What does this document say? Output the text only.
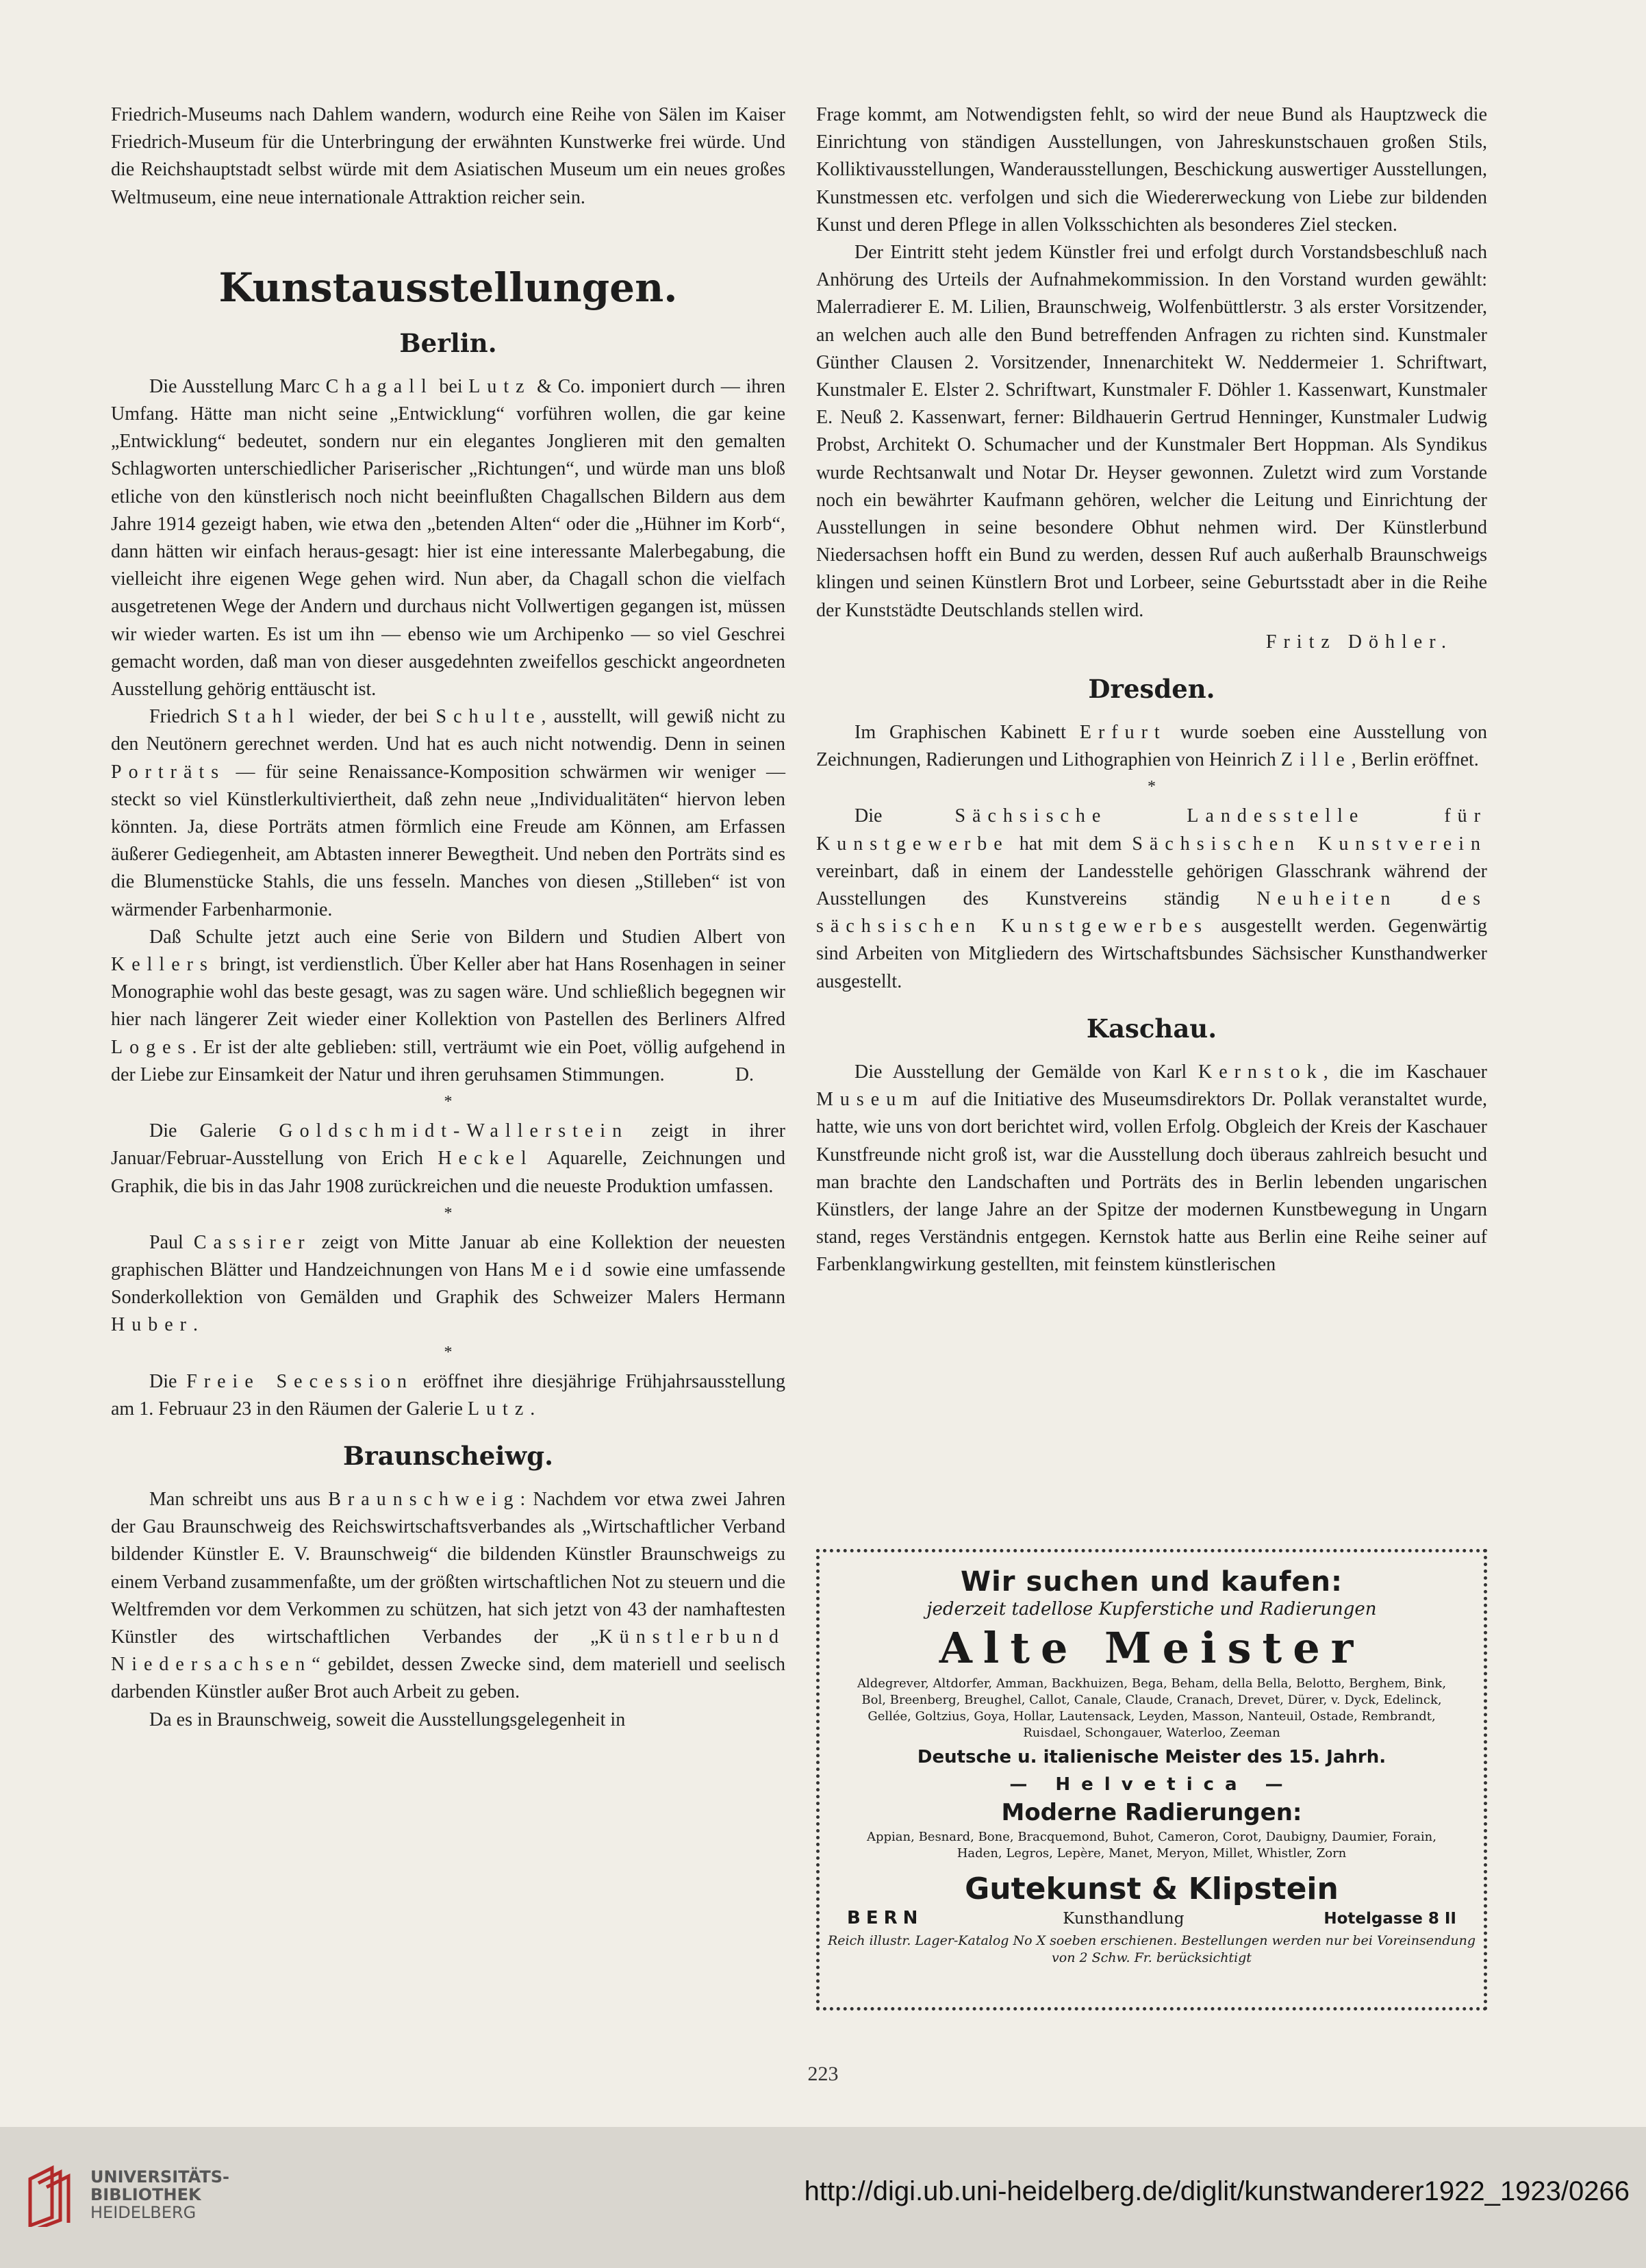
Friedrich-Museums nach Dahlem wandern, wodurch eine Reihe von Sälen im Kaiser Friedrich-Museum für die Unterbringung der erwähnten Kunstwerke frei würde. Und die Reichshauptstadt selbst würde mit dem Asiatischen Museum um ein neues großes Weltmuseum, eine neue internationale Attraktion reicher sein.

Kunstausstellungen.
Berlin.

Die Ausstellung Marc Chagall bei Lutz & Co. imponiert durch — ihren Umfang. Hätte man nicht seine „Entwicklung“ vorführen wollen, die gar keine „Entwicklung“ bedeutet, sondern nur ein elegantes Jonglieren mit den gemalten Schlagworten unterschiedlicher Pariserischer „Richtungen“, und würde man uns bloß etliche von den künstlerisch noch nicht beeinflußten Chagallschen Bildern aus dem Jahre 1914 gezeigt haben, wie etwa den „betenden Alten“ oder die „Hühner im Korb“, dann hätten wir einfach heraus-gesagt: hier ist eine interessante Malerbegabung, die vielleicht ihre eigenen Wege gehen wird. Nun aber, da Chagall schon die vielfach ausgetretenen Wege der Andern und durchaus nicht Vollwertigen gegangen ist, müssen wir wieder warten. Es ist um ihn — ebenso wie um Archipenko — so viel Geschrei gemacht worden, daß man von dieser ausgedehnten zweifellos geschickt angeordneten Ausstellung gehörig enttäuscht ist.

Friedrich Stahl wieder, der bei Schulte, ausstellt, will gewiß nicht zu den Neutönern gerechnet werden. Und hat es auch nicht notwendig. Denn in seinen Porträts — für seine Renaissance-Komposition schwärmen wir weniger — steckt so viel Künstlerkultiviertheit, daß zehn neue „Individualitäten“ hiervon leben könnten. Ja, diese Porträts atmen förmlich eine Freude am Können, am Erfassen äußerer Gediegenheit, am Abtasten innerer Bewegtheit. Und neben den Porträts sind es die Blumenstücke Stahls, die uns fesseln. Manches von diesen „Stilleben“ ist von wärmender Farbenharmonie.

Daß Schulte jetzt auch eine Serie von Bildern und Studien Albert von Kellers bringt, ist verdienstlich. Über Keller aber hat Hans Rosenhagen in seiner Monographie wohl das beste gesagt, was zu sagen wäre. Und schließlich begegnen wir hier nach längerer Zeit wieder einer Kollektion von Pastellen des Berliners Alfred Loges. Er ist der alte geblieben: still, verträumt wie ein Poet, völlig aufgehend in der Liebe zur Einsamkeit der Natur und ihren geruhsamen Stimmungen.	D.

*

Die Galerie Goldschmidt-Wallerstein zeigt in ihrer Januar/Februar-Ausstellung von Erich Heckel Aquarelle, Zeichnungen und Graphik, die bis in das Jahr 1908 zurückreichen und die neueste Produktion umfassen.

*

Paul Cassirer zeigt von Mitte Januar ab eine Kollektion der neuesten graphischen Blätter und Handzeichnungen von Hans Meid sowie eine umfassende Sonderkollektion von Gemälden und Graphik des Schweizer Malers Hermann Huber.

*

Die Freie Secession eröffnet ihre diesjährige Frühjahrsausstellung am 1. Februaur 23 in den Räumen der Galerie Lutz.

Braunscheiwg.

Man schreibt uns aus Braunschweig: Nachdem vor etwa zwei Jahren der Gau Braunschweig des Reichswirtschaftsverbandes als „Wirtschaftlicher Verband bildender Künstler E. V. Braunschweig“ die bildenden Künstler Braunschweigs zu einem Verband zusammenfaßte, um der größten wirtschaftlichen Not zu steuern und die Weltfremden vor dem Verkommen zu schützen, hat sich jetzt von 43 der namhaftesten Künstler des wirtschaftlichen Verbandes der „Künstlerbund Niedersachsen“ gebildet, dessen Zwecke sind, dem materiell und seelisch darbenden Künstler außer Brot auch Arbeit zu geben.

Da es in Braunschweig, soweit die Ausstellungsgelegenheit in

Frage kommt, am Notwendigsten fehlt, so wird der neue Bund als Hauptzweck die Einrichtung von ständigen Ausstellungen, von Jahreskunstschauen großen Stils, Kolliktivausstellungen, Wanderausstellungen, Beschickung auswertiger Ausstellungen, Kunstmessen etc. verfolgen und sich die Wiedererweckung von Liebe zur bildenden Kunst und deren Pflege in allen Volksschichten als besonderes Ziel stecken.

Der Eintritt steht jedem Künstler frei und erfolgt durch Vorstandsbeschluß nach Anhörung des Urteils der Aufnahmekommission. In den Vorstand wurden gewählt: Malerradierer E. M. Lilien, Braunschweig, Wolfenbüttlerstr. 3 als erster Vorsitzender, an welchen auch alle den Bund betreffenden Anfragen zu richten sind. Kunstmaler Günther Clausen 2. Vorsitzender, Innenarchitekt W. Neddermeier 1. Schriftwart, Kunstmaler E. Elster 2. Schriftwart, Kunstmaler F. Döhler 1. Kassenwart, Kunstmaler E. Neuß 2. Kassenwart, ferner: Bildhauerin Gertrud Henninger, Kunstmaler Ludwig Probst, Architekt O. Schumacher und der Kunstmaler Bert Hoppman. Als Syndikus wurde Rechtsanwalt und Notar Dr. Heyser gewonnen. Zuletzt wird zum Vorstande noch ein bewährter Kaufmann gehören, welcher die Leitung und Einrichtung der Ausstellungen in seine besondere Obhut nehmen wird. Der Künstlerbund Niedersachsen hofft ein Bund zu werden, dessen Ruf auch außerhalb Braunschweigs klingen und seinen Künstlern Brot und Lorbeer, seine Geburtsstadt aber in die Reihe der Kunststädte Deutschlands stellen wird.

Fritz Döhler.
Dresden.

Im Graphischen Kabinett Erfurt wurde soeben eine Ausstellung von Zeichnungen, Radierungen und Lithographien von Heinrich Zille, Berlin eröffnet.

*

Die Sächsische Landesstelle für Kunstgewerbe hat mit dem Sächsischen Kunstverein vereinbart, daß in einem der Landesstelle gehörigen Glasschrank während der Ausstellungen des Kunstvereins ständig Neuheiten des sächsischen Kunstgewerbes ausgestellt werden. Gegenwärtig sind Arbeiten von Mitgliedern des Wirtschaftsbundes Sächsischer Kunsthandwerker ausgestellt.

Kaschau.

Die Ausstellung der Gemälde von Karl Kernstok, die im Kaschauer Museum auf die Initiative des Museumsdirektors Dr. Pollak veranstaltet wurde, hatte, wie uns von dort berichtet wird, vollen Erfolg. Obgleich der Kreis der Kaschauer Kunstfreunde nicht groß ist, war die Ausstellung doch überaus zahlreich besucht und man brachte den Landschaften und Porträts des in Berlin lebenden ungarischen Künstlers, der lange Jahre an der Spitze der modernen Kunstbewegung in Ungarn stand, reges Verständnis entgegen. Kernstok hatte aus Berlin eine Reihe seiner auf Farbenklangwirkung gestellten, mit feinstem künstlerischen

Wir suchen und kaufen:
jederzeit tadellose Kupferstiche und Radierungen
Alte Meister
Aldegrever, Altdorfer, Amman, Backhuizen, Bega, Beham, della Bella, Belotto, Berghem, Bink, Bol, Breenberg, Breughel, Callot, Canale, Claude, Cranach, Drevet, Dürer, v. Dyck, Edelinck, Gellée, Goltzius, Goya, Hollar, Lautensack, Leyden, Masson, Nanteuil, Ostade, Rembrandt, Ruisdael, Schongauer, Waterloo, Zeeman
Deutsche u. italienische Meister des 15. Jahrh.
— Helvetica —
Moderne Radierungen:
Appian, Besnard, Bone, Bracquemond, Buhot, Cameron, Corot, Daubigny, Daumier, Forain, Haden, Legros, Lepère, Manet, Meryon, Millet, Whistler, Zorn
Gutekunst & Klipstein
BERN	Kunsthandlung	Hotelgasse 8 II
Reich illustr. Lager-Katalog No X soeben erschienen. Bestellungen werden nur bei Voreinsendung von 2 Schw. Fr. berücksichtigt
223
UNIVERSITÄTS-
BIBLIOTHEK
HEIDELBERG
http://digi.ub.uni-heidelberg.de/diglit/kunstwanderer1922_1923/0266
